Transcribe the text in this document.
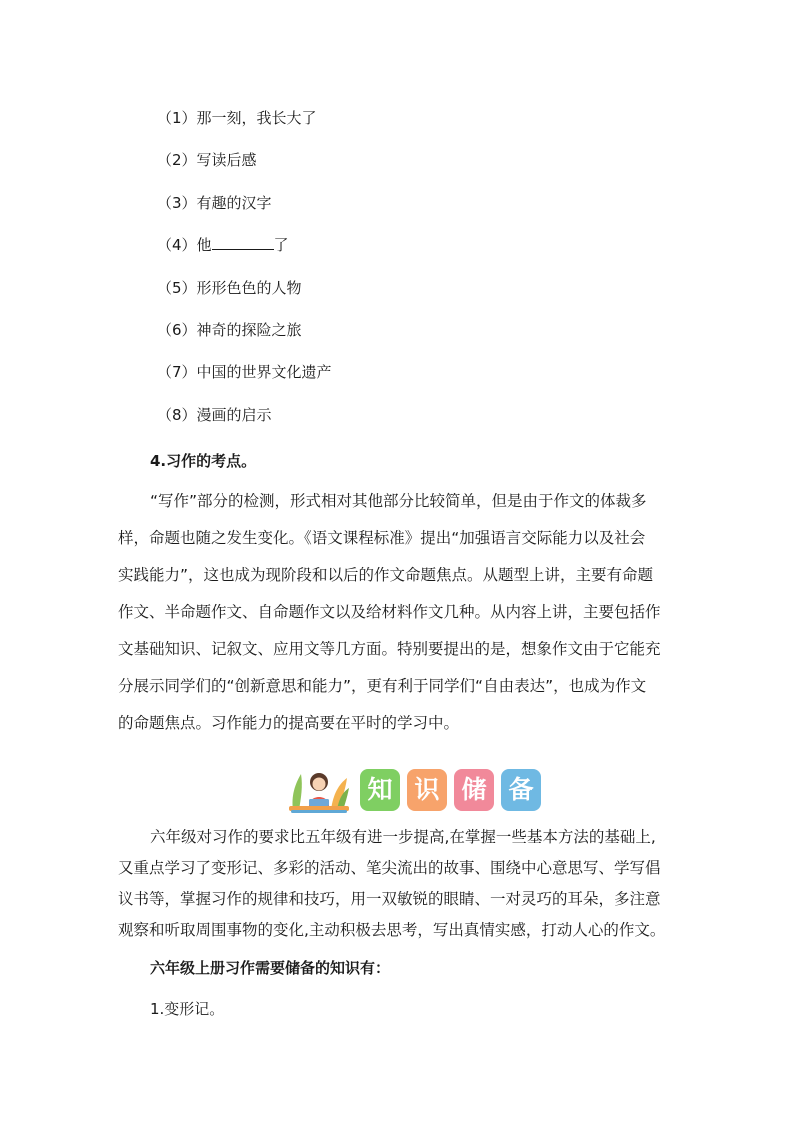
（1）那一刻，我长大了
（2）写读后感
（3）有趣的汉字
（4）他	了
（5）形形色色的人物
（6）神奇的探险之旅
（7）中国的世界文化遗产
（8）漫画的启示
4.习作的考点。
“写作”部分的检测，形式相对其他部分比较简单，但是由于作文的体裁多
样，命题也随之发生变化。《语文课程标准》提出“加强语言交际能力以及社会
实践能力”，这也成为现阶段和以后的作文命题焦点。从题型上讲，主要有命题
作文、半命题作文、自命题作文以及给材料作文几种。从内容上讲，主要包括作
文基础知识、记叙文、应用文等几方面。特别要提出的是，想象作文由于它能充
分展示同学们的“创新意思和能力”，更有利于同学们“自由表达”，也成为作文
的命题焦点。习作能力的提高要在平时的学习中。
知 识 储 备
六年级对习作的要求比五年级有进一步提高,在掌握一些基本方法的基础上,
又重点学习了变形记、多彩的活动、笔尖流出的故事、围绕中心意思写、学写倡
议书等，掌握习作的规律和技巧，用一双敏锐的眼睛、一对灵巧的耳朵，多注意
观察和听取周围事物的变化,主动积极去思考，写出真情实感，打动人心的作文。
六年级上册习作需要储备的知识有：
1.变形记。
